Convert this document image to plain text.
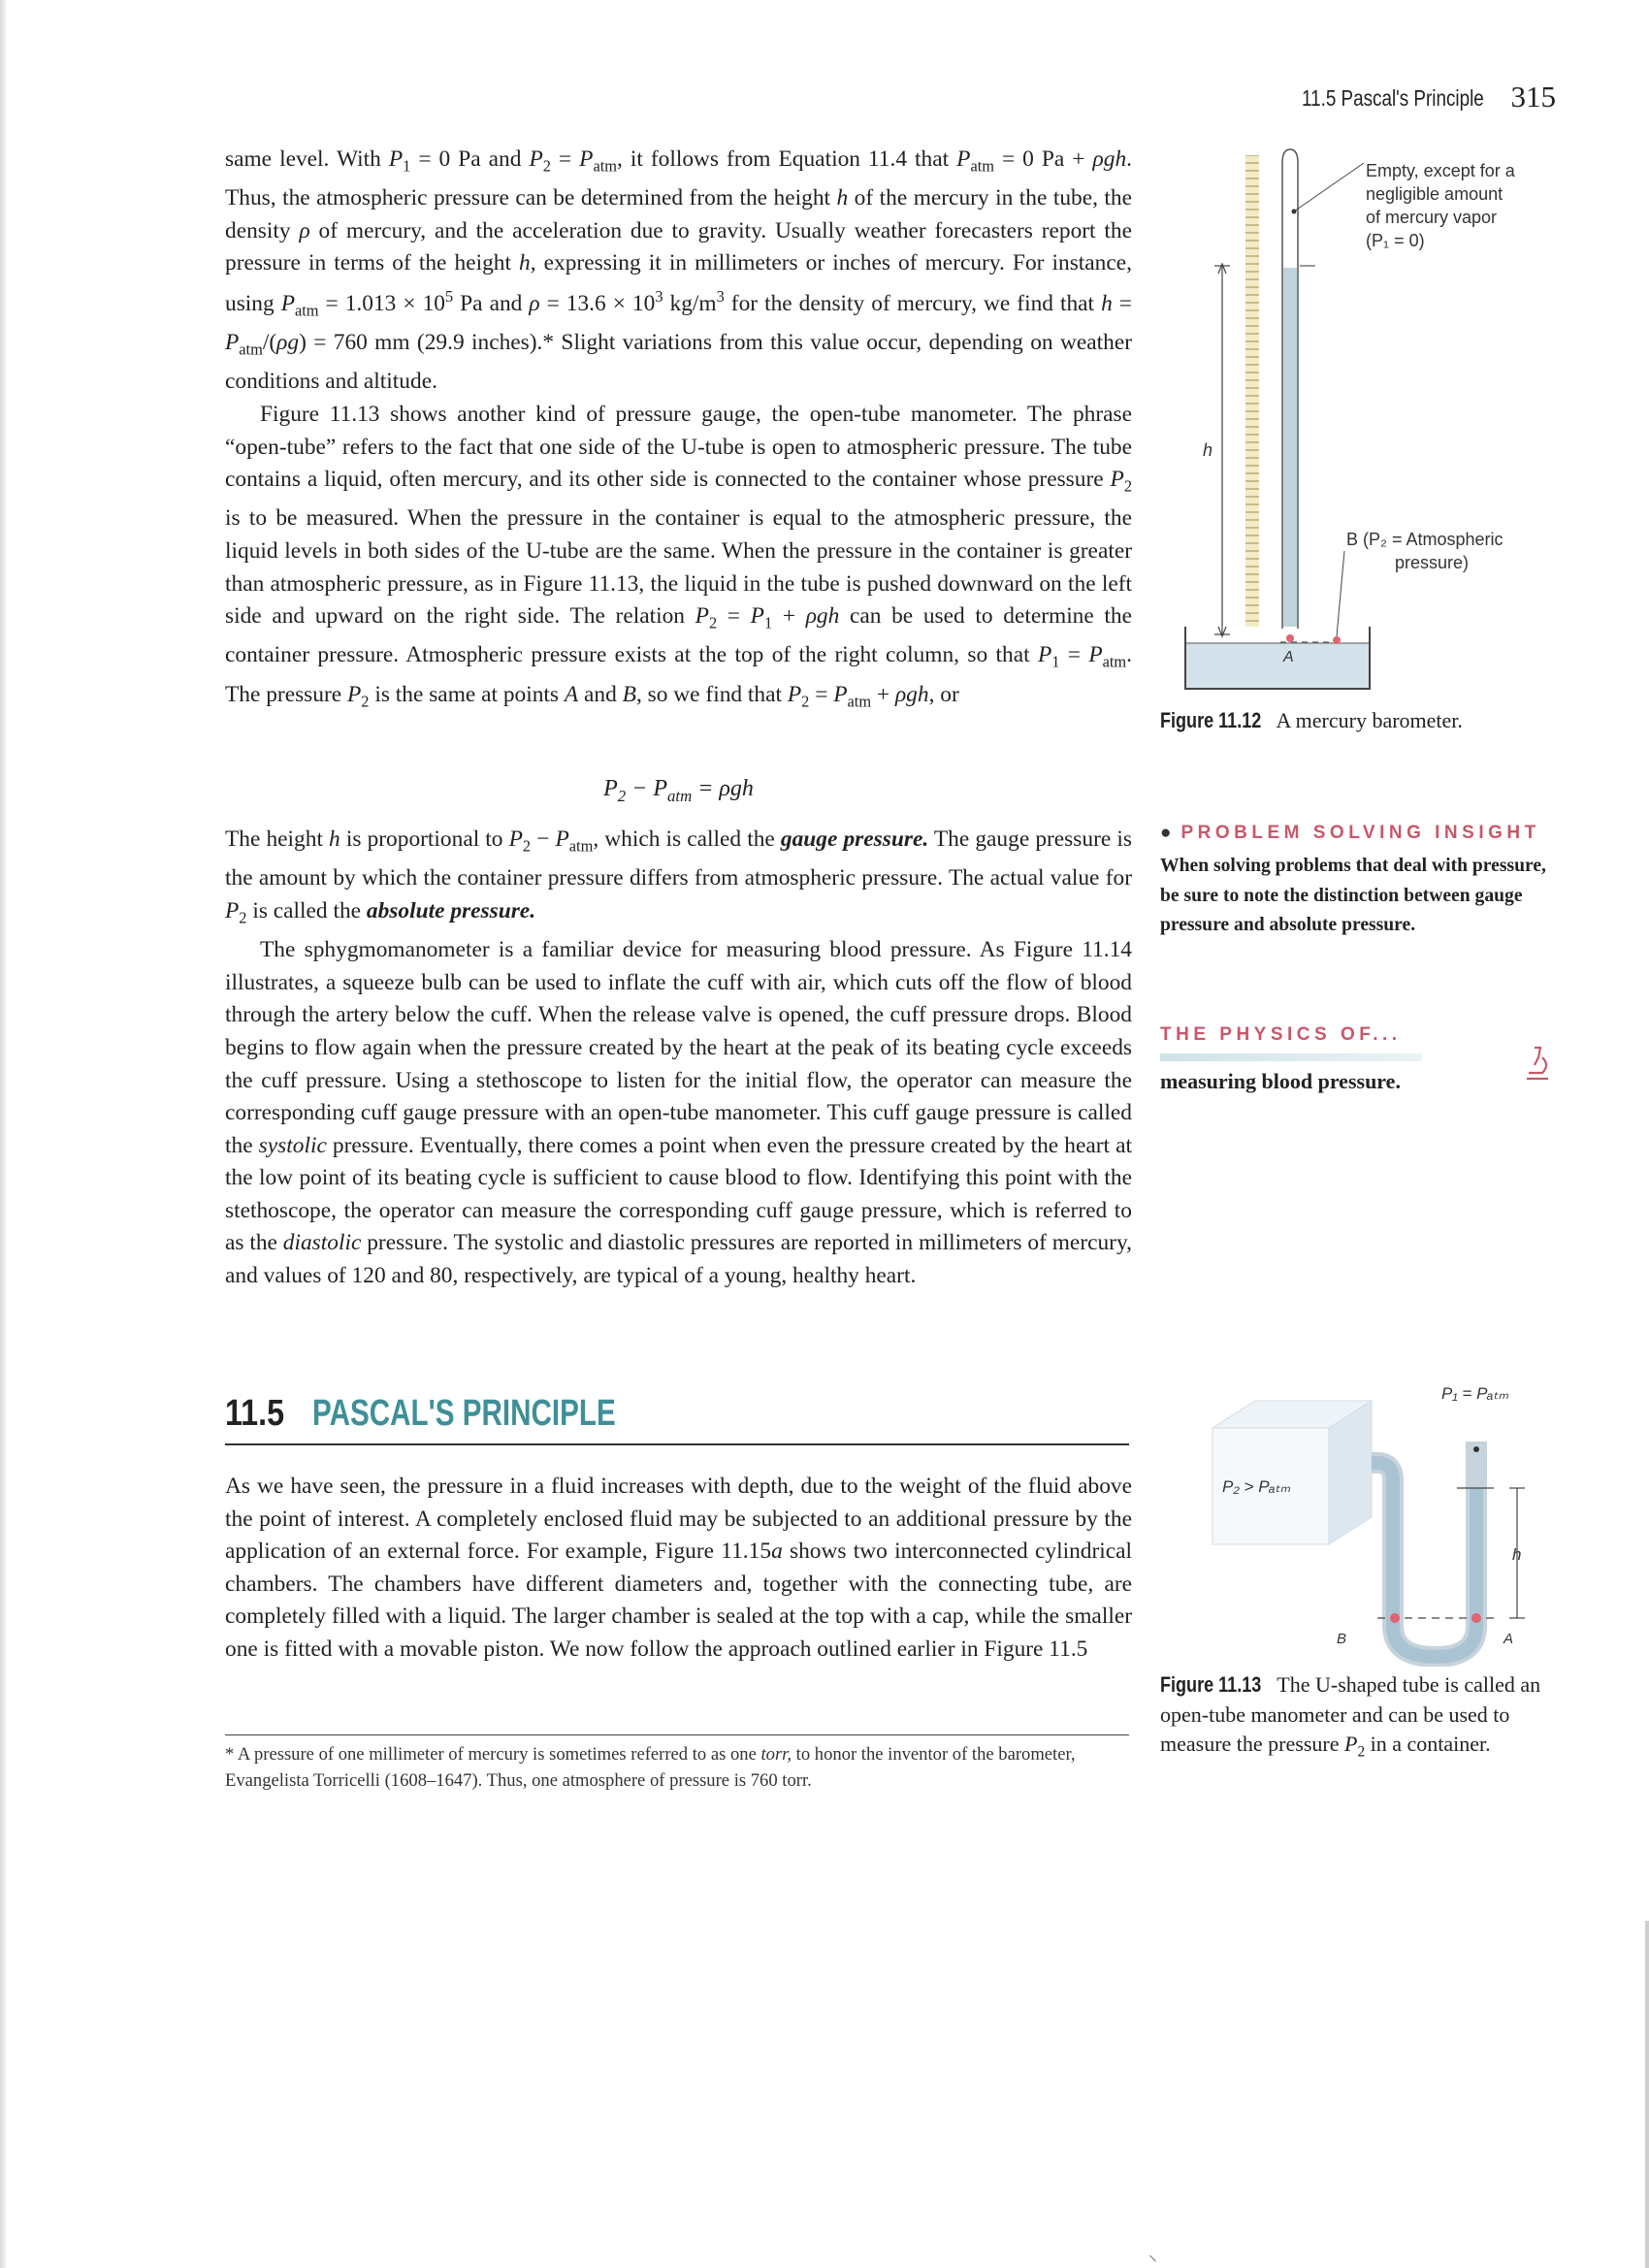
11.5 Pascal's Principle 315

same level. With $P_1 = 0$ Pa and $P_2 = P_{atm}$, it follows from Equation 11.4 that $P_{atm} = 0$ Pa + ρgh. Thus, the atmospheric pressure can be determined from the height h of the mercury in the tube, the density ρ of mercury, and the acceleration due to gravity. Usually weather forecasters report the pressure in terms of the height h, expressing it in millimeters or inches of mercury. For instance, using $P_{atm} = 1.013 \times 10^5$ Pa and $\rho = 13.6 \times 10^3$ $kg/m^3$ for the density of mercury, we find that $h = P_{atm}/(\rho g) = 760$ mm (29.9 inches).* Slight variations from this value occur, depending on weather conditions and altitude.

Figure 11.13 shows another kind of pressure gauge, the open-tube manometer. The phrase “open-tube” refers to the fact that one side of the U-tube is open to atmospheric pressure. The tube contains a liquid, often mercury, and its other side is connected to the container whose pressure $P_2$ is to be measured. When the pressure in the container is equal to the atmospheric pressure, the liquid levels in both sides of the U-tube are the same. When the pressure in the container is greater than atmospheric pressure, as in Figure 11.13, the liquid in the tube is pushed downward on the left side and upward on the right side. The relation $P_2 = P_1 + \rho gh$ can be used to determine the container pressure. Atmospheric pressure exists at the top of the right column, so that $P_1 = P_{atm}$. The pressure $P_2$ is the same at points A and B, so we find that $P_2 = P_{atm} + \rho gh$, or

$P_2 - P_{atm} = \rho gh$

The height h is proportional to $P_2 - P_{atm}$, which is called the gauge pressure. The gauge pressure is the amount by which the container pressure differs from atmospheric pressure. The actual value for $P_2$ is called the absolute pressure.

The sphygmomanometer is a familiar device for measuring blood pressure. As Figure 11.14 illustrates, a squeeze bulb can be used to inflate the cuff with air, which cuts off the flow of blood through the artery below the cuff. When the release valve is opened, the cuff pressure drops. Blood begins to flow again when the pressure created by the heart at the peak of its beating cycle exceeds the cuff pressure. Using a stethoscope to listen for the initial flow, the operator can measure the corresponding cuff gauge pressure with an open-tube manometer. This cuff gauge pressure is called the systolic pressure. Eventually, there comes a point when even the pressure created by the heart at the low point of its beating cycle is sufficient to cause blood to flow. Identifying this point with the stethoscope, the operator can measure the corresponding cuff gauge pressure, which is referred to as the diastolic pressure. The systolic and diastolic pressures are reported in millimeters of mercury, and values of 120 and 80, respectively, are typical of a young, healthy heart.

11.5 PASCAL'S PRINCIPLE

As we have seen, the pressure in a fluid increases with depth, due to the weight of the fluid above the point of interest. A completely enclosed fluid may be subjected to an additional pressure by the application of an external force. For example, Figure 11.15a shows two interconnected cylindrical chambers. The chambers have different diameters and, together with the connecting tube, are completely filled with a liquid. The larger chamber is sealed at the top with a cap, while the smaller one is fitted with a movable piston. We now follow the approach outlined earlier in Figure 11.5

* A pressure of one millimeter of mercury is sometimes referred to as one torr, to honor the inventor of the barometer, Evangelista Torricelli (1608–1647). Thus, one atmosphere of pressure is 760 torr.
h
Empty, except for a
negligible amount
of mercury vapor
(P₁ = 0)
B (P₂ = Atmospheric
pressure)
A
Figure 11.12 A mercury barometer.
● PROBLEM SOLVING INSIGHT
When solving problems that deal with pressure, be sure to note the distinction between gauge pressure and absolute pressure.
THE PHYSICS OF...
measuring blood pressure.
P₂ > Pₐₜₘ
h
P₁ = Pₐₜₘ
B	A
Figure 11.13 The U-shaped tube is called an open-tube manometer and can be used to measure the pressure $P_2$ in a container.
⸜
